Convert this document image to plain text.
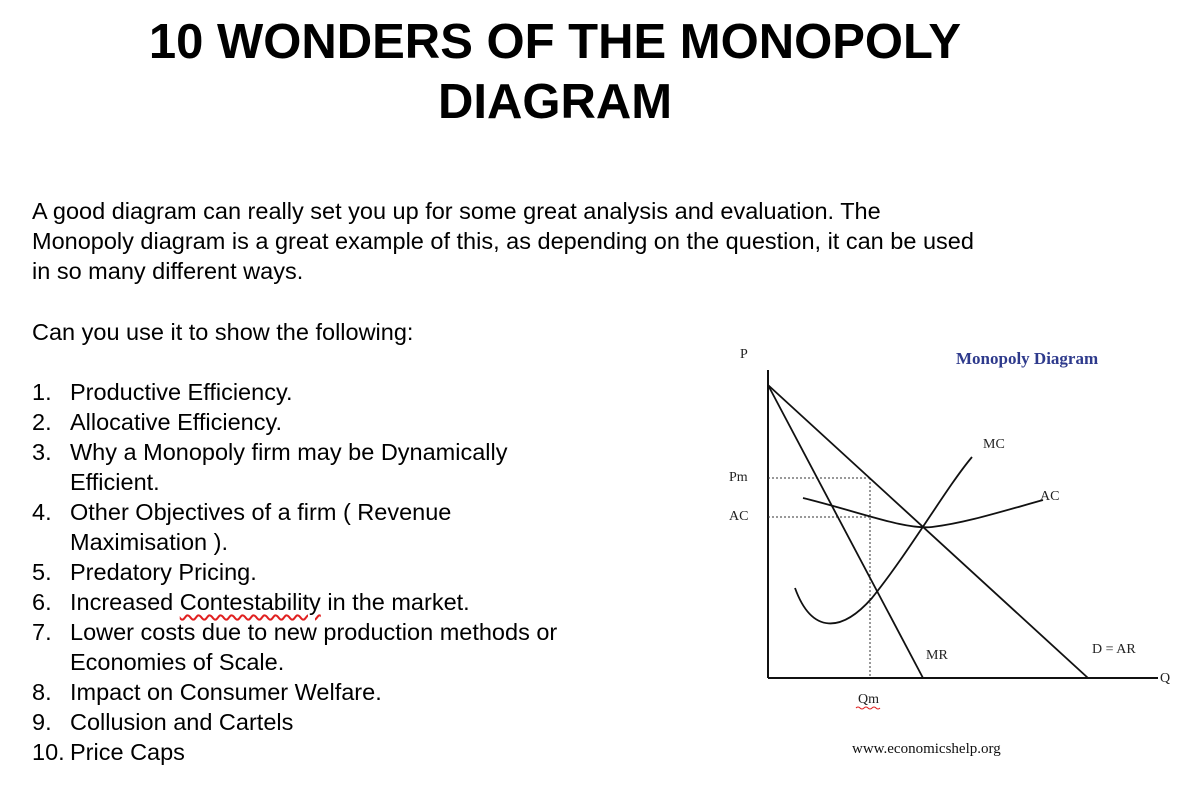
10 WONDERS OF THE MONOPOLY
DIAGRAM
A good diagram can really set you up for some great analysis and evaluation. The
Monopoly diagram is a great example of this, as depending on the question, it can be used
in so many different ways.
Can you use it to show the following:
1. Productive Efficiency.
2. Allocative Efficiency.
3. Why a Monopoly firm may be Dynamically
Efficient.
4. Other Objectives of a firm ( Revenue
Maximisation ).
5. Predatory Pricing.
6. Increased Contestability in the market.
7. Lower costs due to new production methods or
Economies of Scale.
8. Impact on Consumer Welfare.
9. Collusion and Cartels
10. Price Caps
Monopoly Diagram
P
Q
Pm
AC
MC
AC
MR	D = AR
Qm
www.economicshelp.org
